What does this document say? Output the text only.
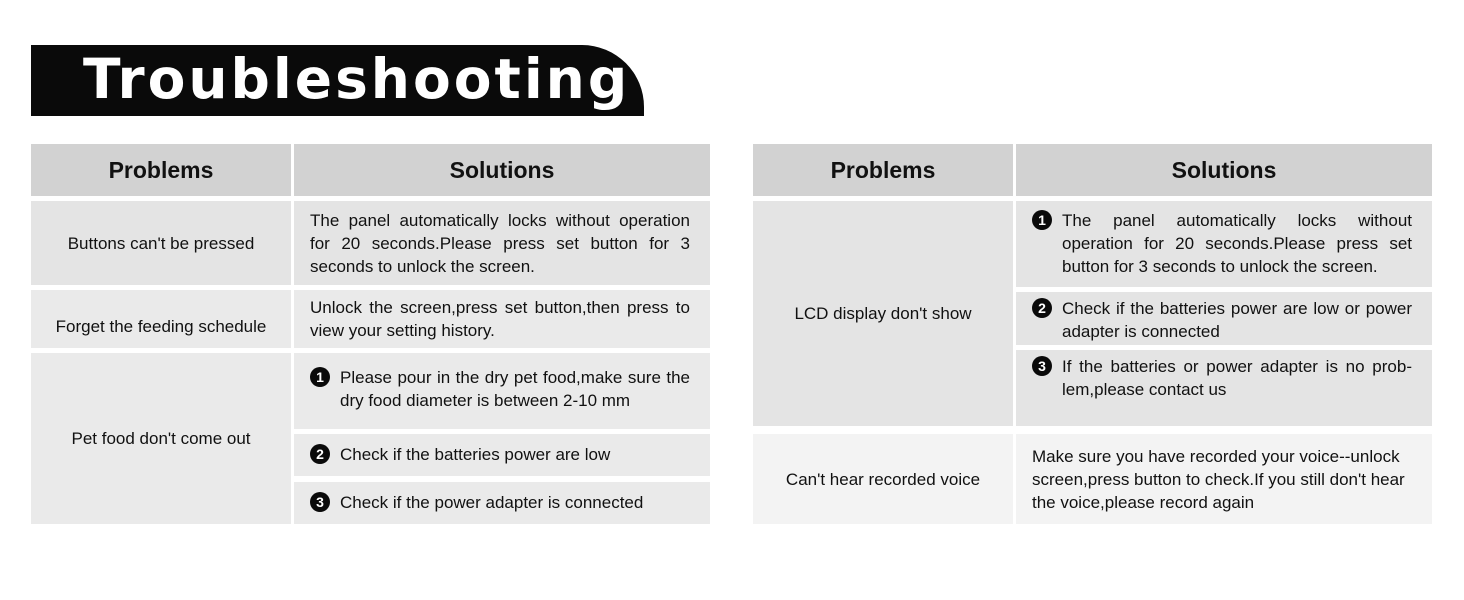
Troubleshooting
Problems	Solutions
Buttons can't be pressed
The panel automatically locks without operation for 20 seconds.Please press set button for 3 seconds to unlock the screen.
Forget the feeding schedule
Unlock the screen,press set button,then press to view your setting history.
Pet food don't come out
1 Please pour in the dry pet food,make sure the dry food diameter is between 2-10 mm
2 Check if the batteries power are low
3 Check if the power adapter is connected
Problems	Solutions
LCD display don't show
1 The panel automatically locks without operation for 20 seconds.Please press set button for 3 seconds to unlock the screen.
2 Check if the batteries power are low or power adapter is connected
3 If the batteries or power adapter is no prob-lem,please contact us
Can't hear recorded voice
Make sure you have recorded your voice--unlock screen,press button to check.If you still don't hear the voice,please record again
